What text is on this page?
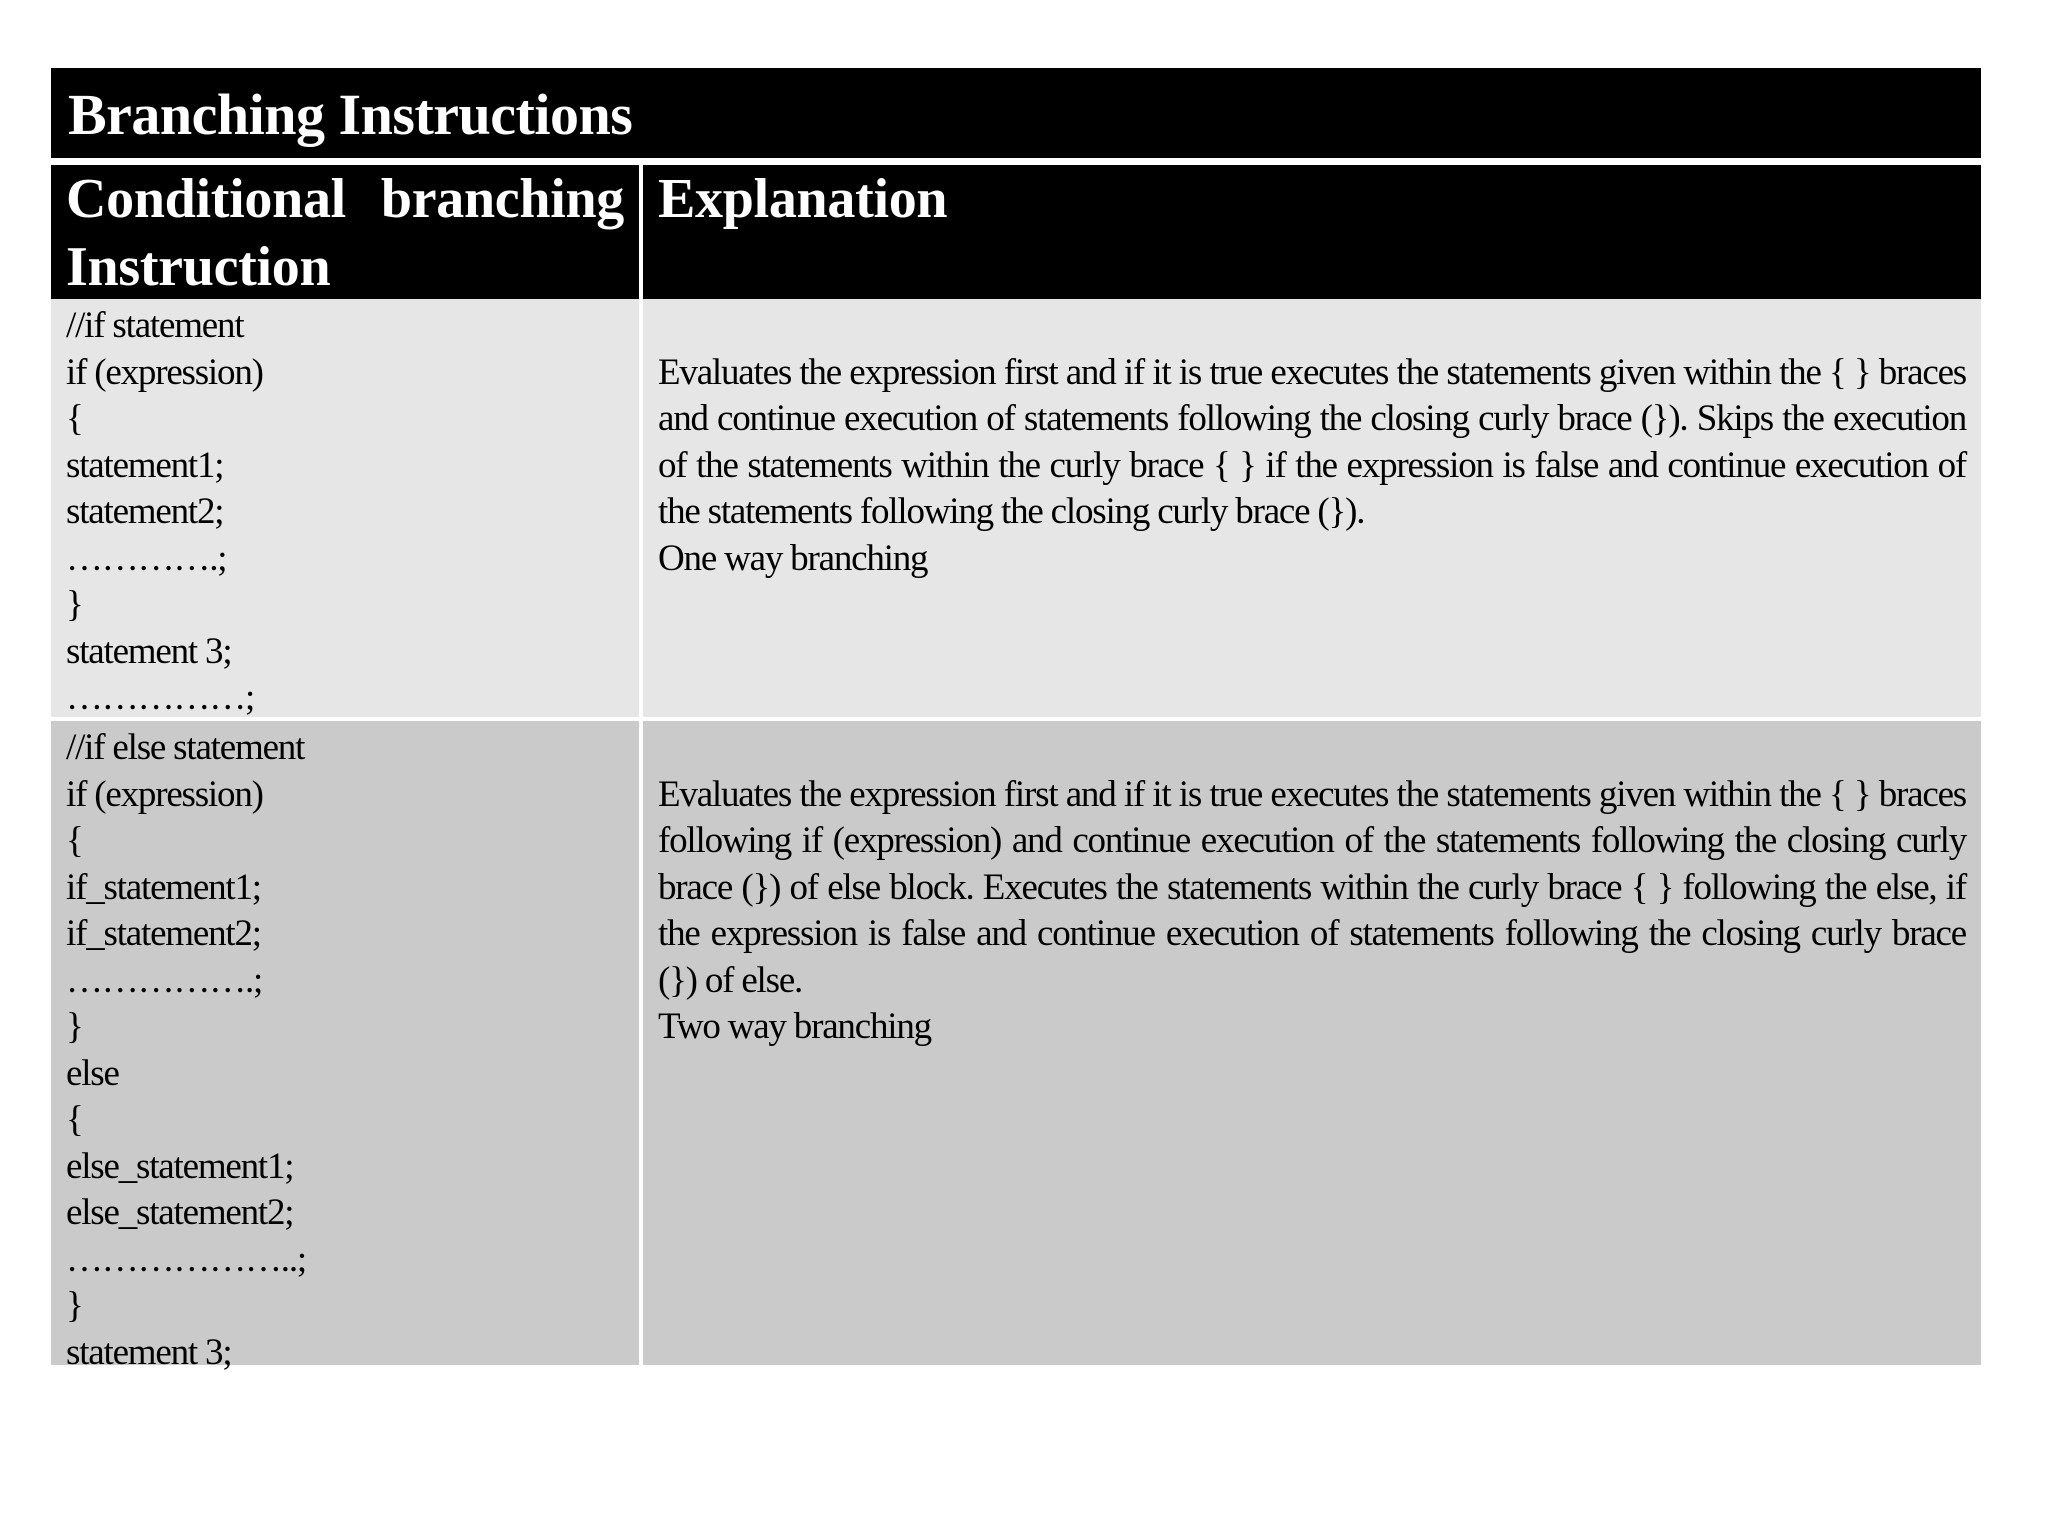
Branching Instructions
Conditional branching
Instruction
Explanation
//if statement
if (expression)
{
statement1;
statement2;
………….;
}
statement 3;
……………;
Evaluates the expression first and if it is true executes the statements given within the { } braces and continue execution of statements following the closing curly brace (}). Skips the execution of the statements within the curly brace { } if the expression is false and continue execution of the statements following the closing curly brace (}).
One way branching
//if else statement
if (expression)
{
if_statement1;
if_statement2;
…………….;
}
else
{
else_statement1;
else_statement2;
………………..;
}
statement 3;
Evaluates the expression first and if it is true executes the statements given within the { } braces following if (expression) and continue execution of the statements following the closing curly brace (}) of else block. Executes the statements within the curly brace { } following the else, if the expression is false and continue execution of statements following the closing curly brace (}) of else.
Two way branching
